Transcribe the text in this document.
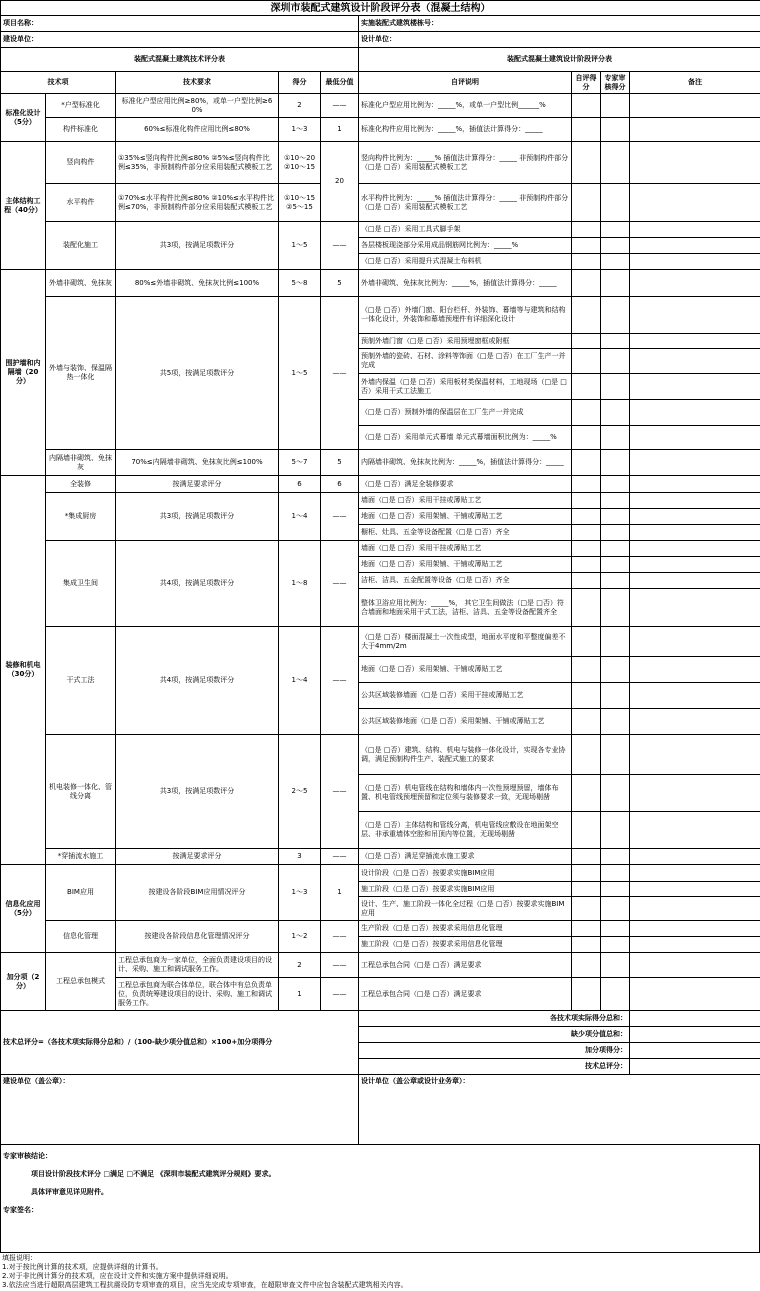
深圳市装配式建筑设计阶段评分表（混凝土结构）								
项目名称：					实施装配式建筑楼栋号：			
建设单位：					设计单位：			
装配式混凝土建筑技术评分表					装配式混凝土建筑设计阶段评分表			
技术项		技术要求	得分	最低分值	自评说明	自评得分	专家审核得分	备注
标准化设计（5分）	*户型标准化	标准化户型应用比例≥80%，或单一户型比例≥60%	2	——	标准化户型应用比例为：_____%，或单一户型比例______%			
	构件标准化	60%≤标准化构件应用比例≤80%	1～3	1	标准化构件应用比例为：_____%，插值法计算得分：_____			
主体结构工程（40分）	竖向构件	①35%≤竖向构件比例≤80% ②5%≤竖向构件比例≤35%，非预制构件部分应采用装配式模板工艺	①10～20 ②10～15	20	竖向构件比例为：_____% 插值法计算得分：_____ 非预制构件部分（□是 □否）采用装配式模板工艺			
	水平构件	①70%≤水平构件比例≤80% ②10%≤水平构件比例≤70%，非预制构件部分应采用装配式模板工艺	①10～15 ②5～15		水平构件比例为：_____% 插值法计算得分：_____ 非预制构件部分（□是 □否）采用装配式模板工艺			
	装配化施工	共3项，按满足项数评分	1～5	——	（□是 □否）采用工具式脚手架			
					各层楼板现浇部分采用成品钢筋网比例为：_____%			
					（□是 □否）采用提升式混凝土布料机			
围护墙和内隔墙（20分）	外墙非砌筑、免抹灰	80%≤外墙非砌筑、免抹灰比例≤100%	5～8	5	外墙非砌筑、免抹灰比例为：_____%，插值法计算得分：_____			
	外墙与装饰、保温隔热一体化	共5项，按满足项数评分	1～5	——	（□是 □否）外墙门窗、阳台栏杆、外装饰、幕墙等与建筑和结构一体化设计，外装饰和幕墙预埋件有详细深化设计			
					预制外墙门窗（□是 □否）采用预埋窗框或附框			
					预制外墙的瓷砖、石材、涂料等饰面（□是 □否）在工厂生产一并完成			
					外墙内保温（□是 □否）采用板材类保温材料，工地现场（□是 □否）采用干式工法施工			
					（□是 □否）预制外墙的保温层在工厂生产一并完成			
					（□是 □否）采用单元式幕墙 单元式幕墙面积比例为：_____%			
	内隔墙非砌筑、免抹灰	70%≤内隔墙非砌筑、免抹灰比例≤100%	5～7	5	内隔墙非砌筑、免抹灰比例为：_____%，插值法计算得分：_____			
装修和机电（30分）	全装修	按满足要求评分	6	6	（□是 □否）满足全装修要求			
	*集成厨房	共3项，按满足项数评分	1～4	——	墙面（□是 □否）采用干挂或薄贴工艺			
					地面（□是 □否）采用架铺、干铺或薄贴工艺			
					橱柜、灶具、五金等设备配置（□是 □否）齐全			
	集成卫生间	共4项，按满足项数评分	1～8	——	墙面（□是 □否）采用干挂或薄贴工艺			
					地面（□是 □否）采用架铺、干铺或薄贴工艺			
					洁柜、洁具、五金配置等设备（□是 □否）齐全			
					整体卫浴应用比例为：_____%， 其它卫生间做法（□是 □否）符合墙面和地面采用干式工法，洁柜、洁具、五金等设备配置齐全			
	干式工法	共4项，按满足项数评分	1～4	——	（□是 □否）楼面混凝土一次性成型，地面水平度和平整度偏差不大于4mm/2m			
					地面（□是 □否）采用架铺、干铺或薄贴工艺			
					公共区域装修墙面（□是 □否）采用干挂或薄贴工艺			
					公共区域装修地面（□是 □否）采用架铺、干铺或薄贴工艺			
	机电装修一体化、管线分离	共3项，按满足项数评分	2～5	——	（□是 □否）建筑、结构、机电与装修一体化设计，实现各专业协调，满足预制构件生产、装配式施工的要求			
					（□是 □否）机电管线在结构和墙体内一次性预埋预留，墙体布置、机电管线预埋预留和定位须与装修要求一致，无现场剔凿			
					（□是 □否）主体结构和管线分离，机电管线应敷设在地面架空层、非承重墙体空腔和吊顶内等位置，无现场剔凿			
	*穿插流水施工	按满足要求评分	3	——	（□是 □否）满足穿插流水施工要求			

信息化应用（5分）	BIM应用	按建设各阶段BIM应用情况评分	1～3	1	设计阶段（□是 □否）按要求实施BIM应用			
					施工阶段（□是 □否）按要求实施BIM应用			
					设计、生产、施工阶段一体化全过程（□是 □否）按要求实施BIM应用			
	信息化管理	按建设各阶段信息化管理情况评分	1～2	——	生产阶段（□是 □否）按要求采用信息化管理			
					施工阶段（□是 □否）按要求采用信息化管理			
加分项（2分）	工程总承包模式	工程总承包商为一家单位，全面负责建设项目的设计、采购、施工和调试服务工作。	2	——	工程总承包合同（□是 □否）满足要求			
		工程总承包商为联合体单位，联合体中有总负责单位，负责统筹建设项目的设计、采购、施工和调试服务工作。	1	——	工程总承包合同（□是 □否）满足要求			
技术总评分=（各技术项实际得分总和）/（100-缺少项分值总和）×100+加分项得分					各技术项实际得分总和：			
					缺少项分值总和：			
					加分项得分：			
					技术总评分：			
建设单位（盖公章）：					设计单位（盖公章或设计业务章）：			
专家审核结论：
项目设计阶段技术评分 □满足 □不满足 《深圳市装配式建筑评分规则》要求。
具体评审意见详见附件。
专家签名：
填报说明：
1.对于按比例计算的技术项，应提供详细的计算书。
2.对于非比例计算分的技术项，应在设计文件和实施方案中提供详细说明。
3.依法应当进行超限高层建筑工程抗震设防专项审查的项目，应当先完成专项审查，在超限审查文件中应包含装配式建筑相关内容。
